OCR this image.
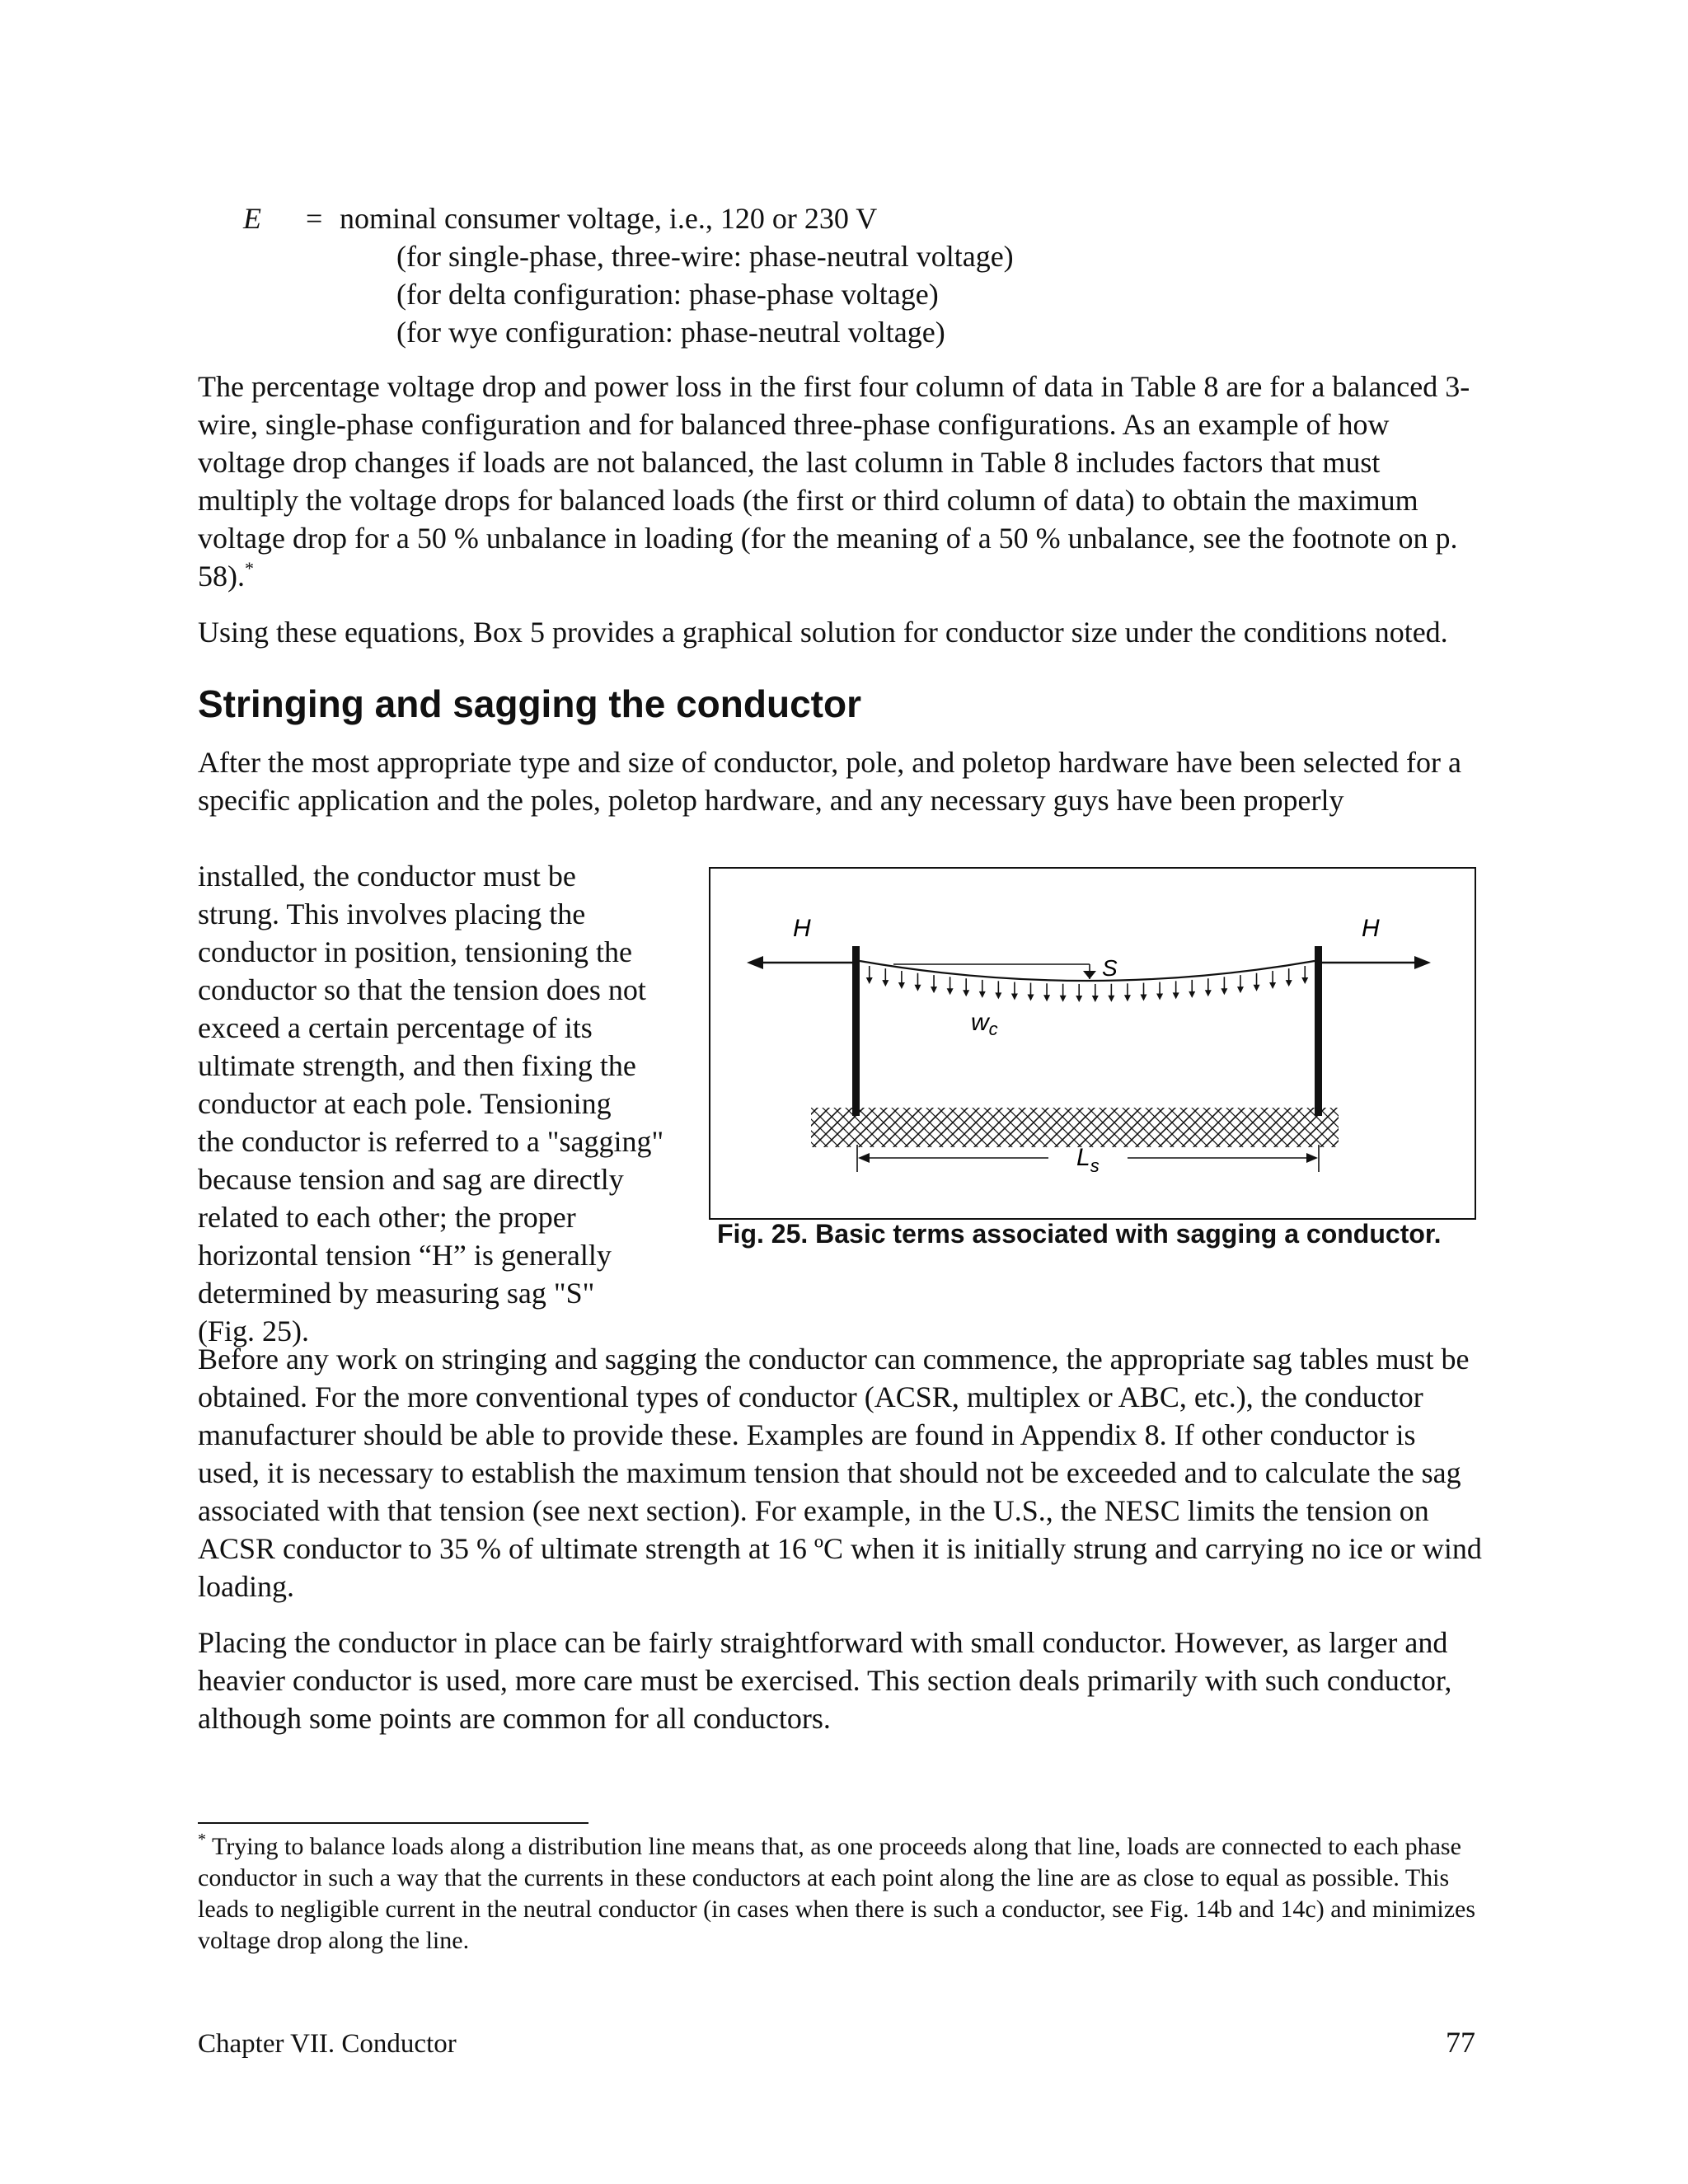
E = nominal consumer voltage, i.e., 120 or 230 V
(for single-phase, three-wire: phase-neutral voltage)
(for delta configuration: phase-phase voltage)
(for wye configuration: phase-neutral voltage)

The percentage voltage drop and power loss in the first four column of data in Table 8 are for a balanced 3-wire, single-phase configuration and for balanced three-phase configurations. As an example of how voltage drop changes if loads are not balanced, the last column in Table 8 includes factors that must multiply the voltage drops for balanced loads (the first or third column of data) to obtain the maximum voltage drop for a 50 % unbalance in loading (for the meaning of a 50 % unbalance, see the footnote on p. 58).*

Using these equations, Box 5 provides a graphical solution for conductor size under the conditions noted.

Stringing and sagging the conductor

After the most appropriate type and size of conductor, pole, and poletop hardware have been selected for a specific application and the poles, poletop hardware, and any necessary guys have been properly

installed, the conductor must be
strung. This involves placing the
conductor in position, tensioning the
conductor so that the tension does not
exceed a certain percentage of its
ultimate strength, and then fixing the
conductor at each pole. Tensioning
the conductor is referred to a "sagging"
because tension and sag are directly
related to each other; the proper
horizontal tension “H” is generally
determined by measuring sag "S"
(Fig. 25).
H	H
S
$w_c$
$L_s$

Fig. 25. Basic terms associated with sagging a conductor.

Before any work on stringing and sagging the conductor can commence, the appropriate sag tables must be obtained. For the more conventional types of conductor (ACSR, multiplex or ABC, etc.), the conductor manufacturer should be able to provide these. Examples are found in Appendix 8. If other conductor is used, it is necessary to establish the maximum tension that should not be exceeded and to calculate the sag associated with that tension (see next section). For example, in the U.S., the NESC limits the tension on ACSR conductor to 35 % of ultimate strength at 16 ºC when it is initially strung and carrying no ice or wind loading.

Placing the conductor in place can be fairly straightforward with small conductor. However, as larger and heavier conductor is used, more care must be exercised. This section deals primarily with such conductor, although some points are common for all conductors.

* Trying to balance loads along a distribution line means that, as one proceeds along that line, loads are connected to each phase conductor in such a way that the currents in these conductors at each point along the line are as close to equal as possible. This leads to negligible current in the neutral conductor (in cases when there is such a conductor, see Fig. 14b and 14c) and minimizes voltage drop along the line.

Chapter VII. Conductor	77
